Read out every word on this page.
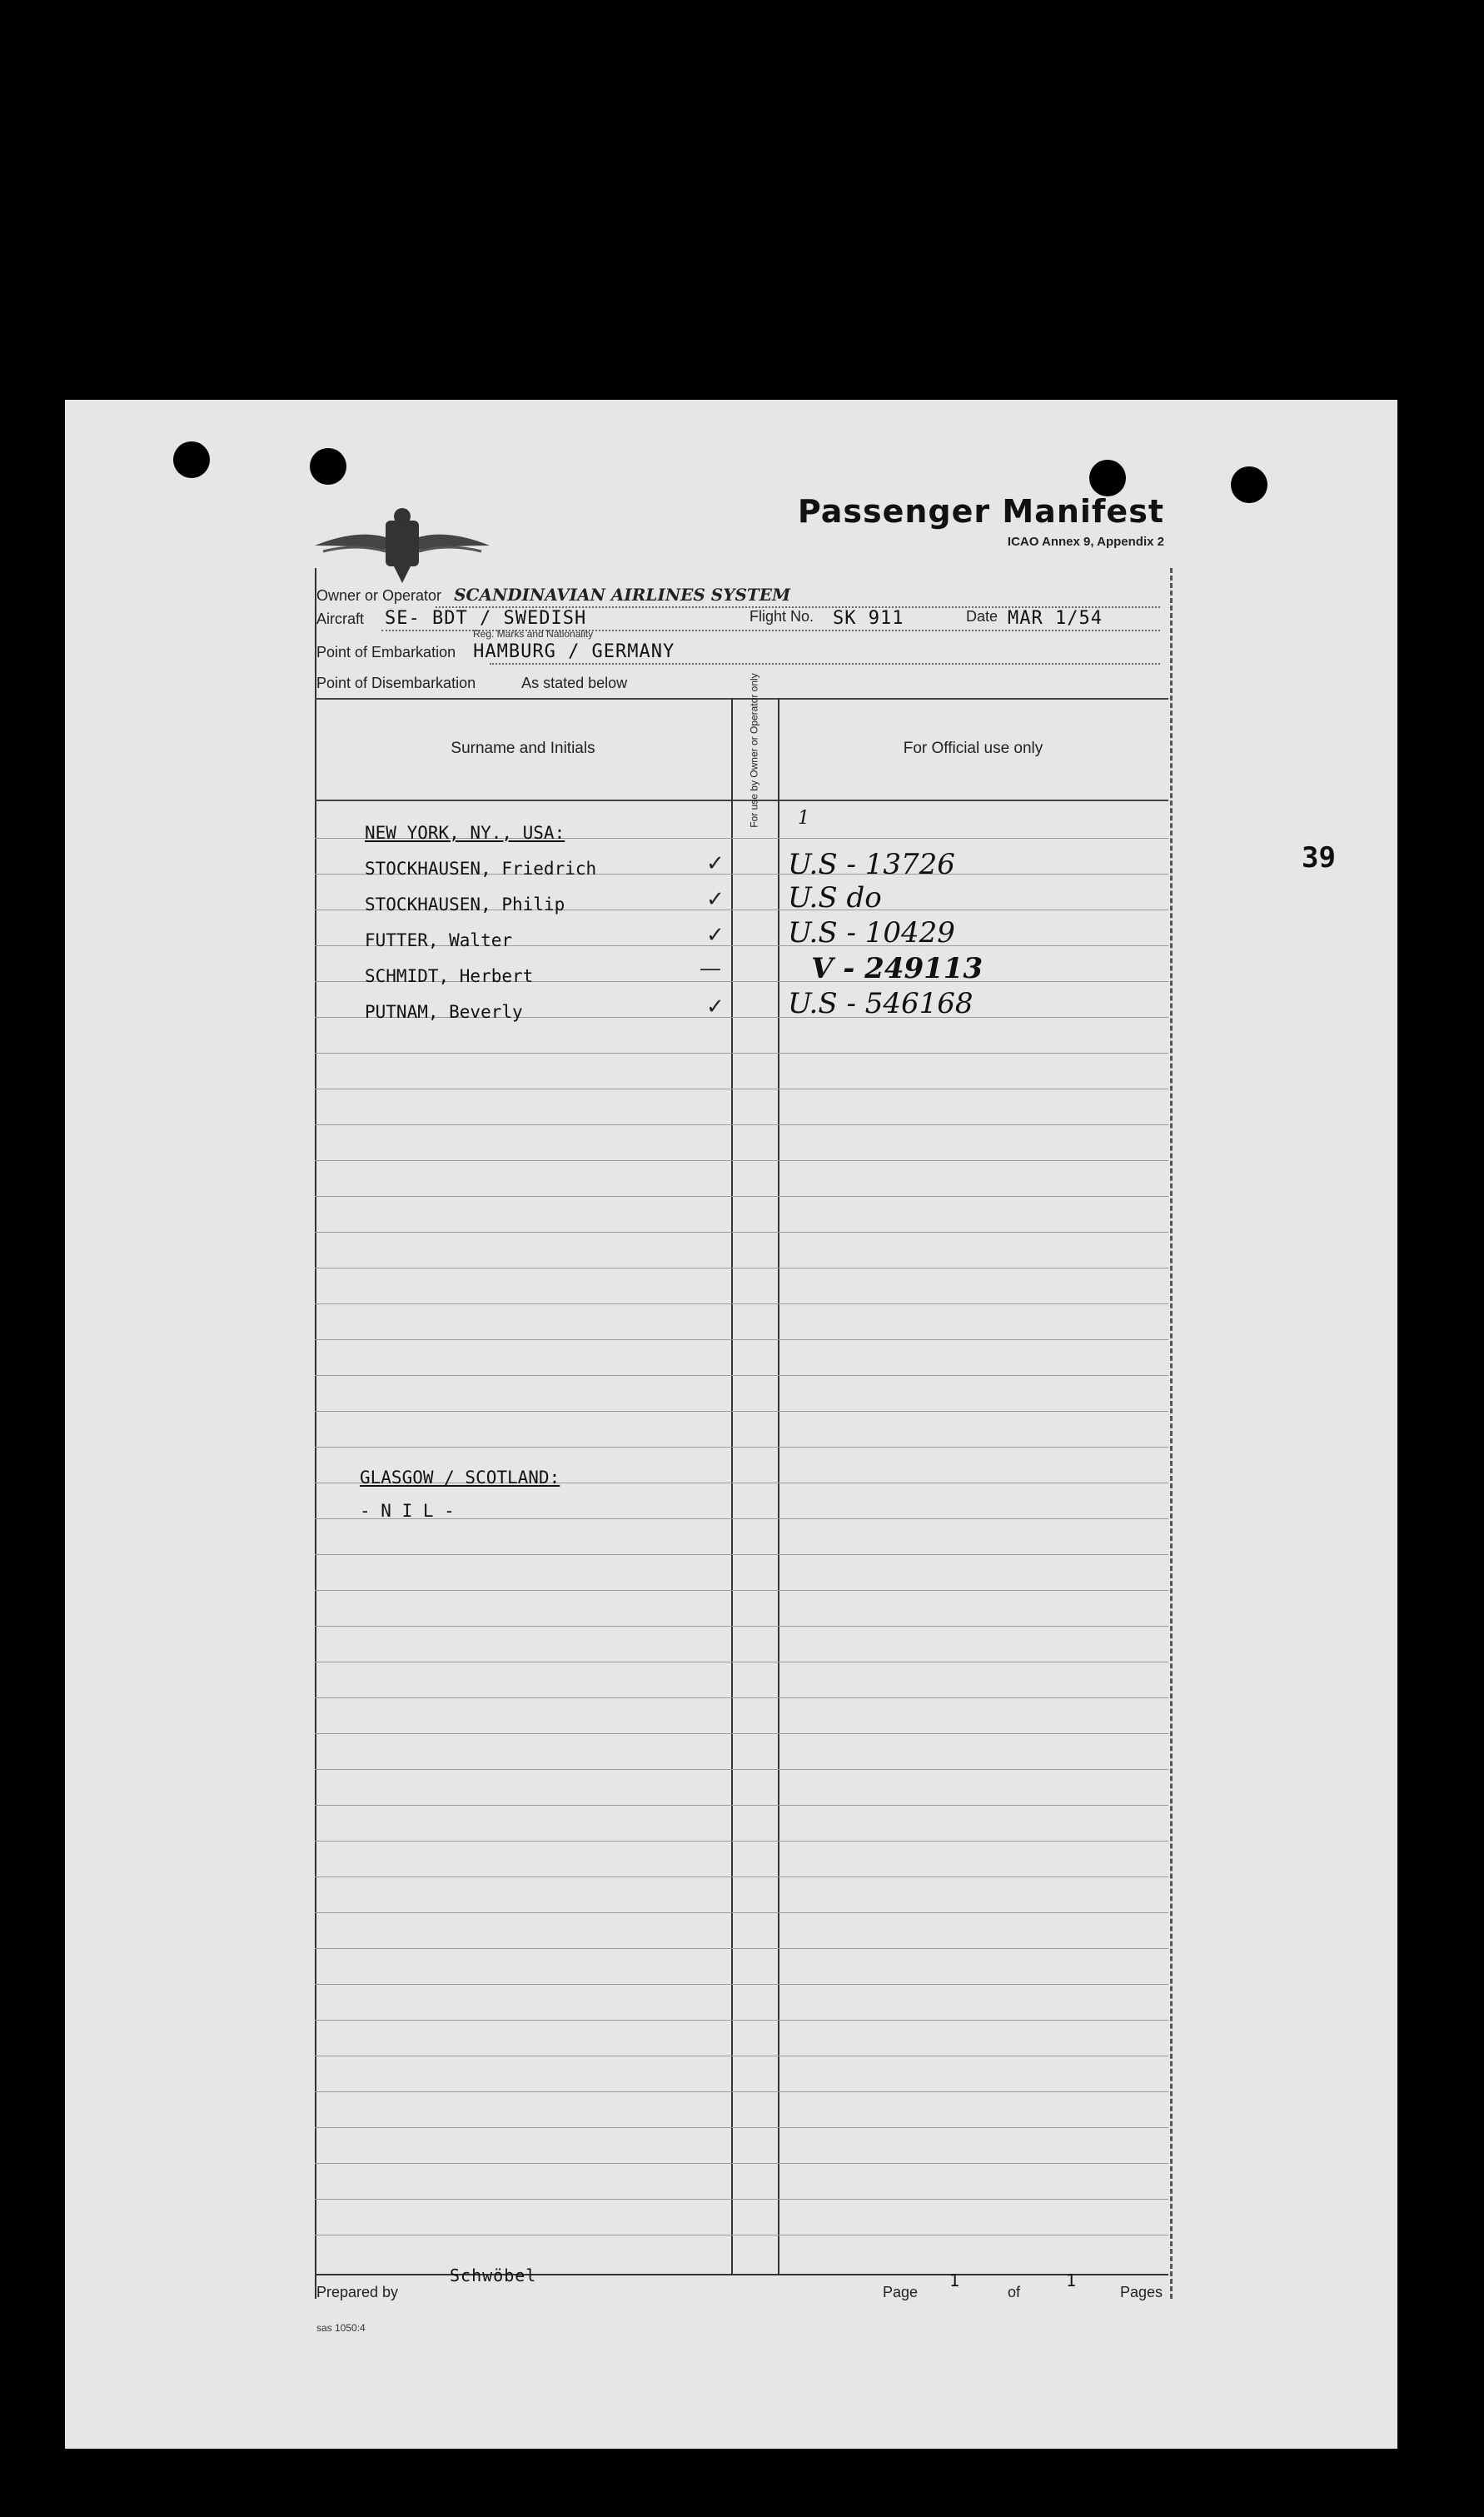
Passenger Manifest
ICAO Annex 9, Appendix 2
Owner or Operator SCANDINAVIAN AIRLINES SYSTEM
Aircraft SE- BDT / SWEDISH	Flight No. SK 911	Date MAR 1/54
Reg. Marks and Nationality
Point of Embarkation HAMBURG / GERMANY
Point of Disembarkation	As stated below
Surname and Initials	For use by Owner or Operator only	For Official use only
NEW YORK, NY., USA:
1
STOCKHAUSEN, Friedrich	✓ U.S - 13726
STOCKHAUSEN, Philip	✓ U.S do
FUTTER, Walter	✓ U.S - 10429
SCHMIDT, Herbert	—	V - 249113
PUTNAM, Beverly	✓ U.S - 546168
GLASGOW / SCOTLAND:
- N I L -
Prepared by
Schwöbel
Page
1
of
1
Pages
sas 1050:4
39
